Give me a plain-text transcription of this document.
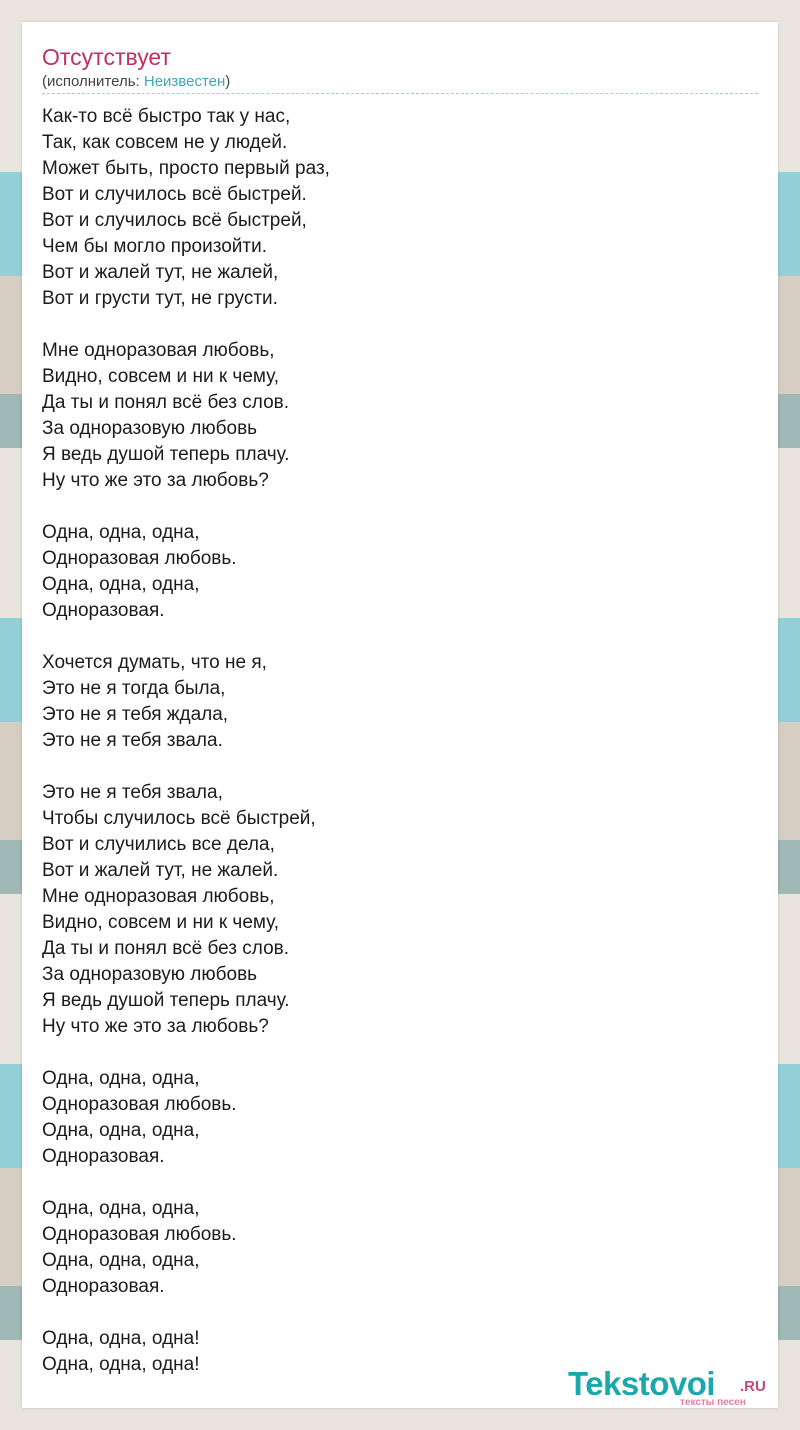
Отсутствует
(исполнитель: Неизвестен)
Как-то всё быстро так у нас,
Так, как совсем не у людей.
Может быть, просто первый раз,
Вот и случилось всё быстрей.
Вот и случилось всё быстрей,
Чем бы могло произойти.
Вот и жалей тут, не жалей,
Вот и грусти тут, не грусти.
Мне одноразовая любовь,
Видно, совсем и ни к чему,
Да ты и понял всё без слов.
За одноразовую любовь
Я ведь душой теперь плачу.
Ну что же это за любовь?
Одна, одна, одна,
Одноразовая любовь.
Одна, одна, одна,
Одноразовая.
Хочется думать, что не я,
Это не я тогда была,
Это не я тебя ждала,
Это не я тебя звала.
Это не я тебя звала,
Чтобы случилось всё быстрей,
Вот и случились все дела,
Вот и жалей тут, не жалей.
Мне одноразовая любовь,
Видно, совсем и ни к чему,
Да ты и понял всё без слов.
За одноразовую любовь
Я ведь душой теперь плачу.
Ну что же это за любовь?
Одна, одна, одна,
Одноразовая любовь.
Одна, одна, одна,
Одноразовая.
Одна, одна, одна,
Одноразовая любовь.
Одна, одна, одна,
Одноразовая.
Одна, одна, одна!
Одна, одна, одна!
Tekstovoi .RU
тексты песен
